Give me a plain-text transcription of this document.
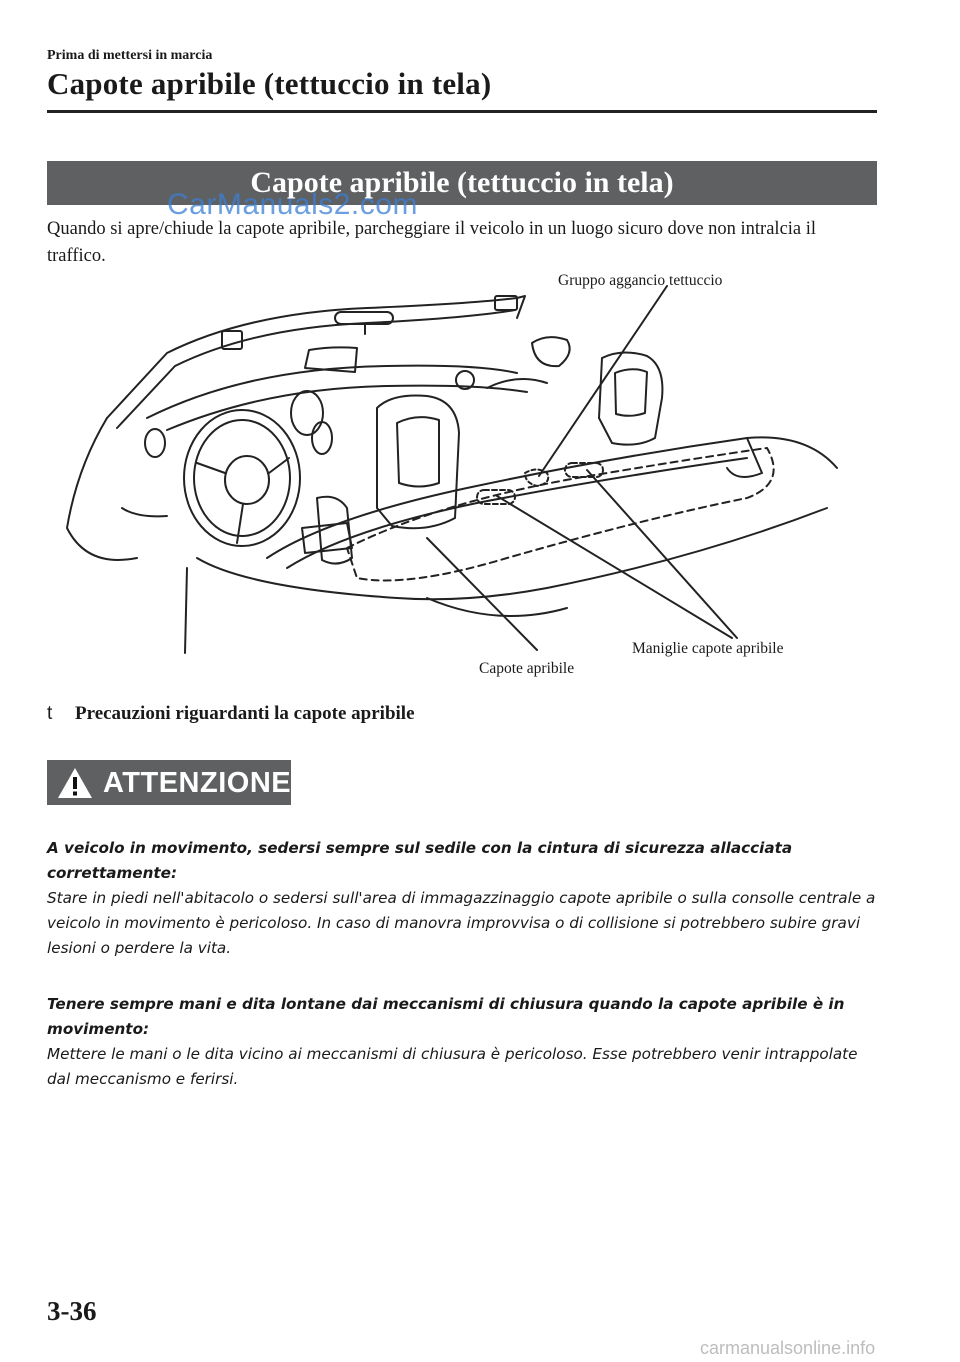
Prima di mettersi in marcia
Capote apribile (tettuccio in tela)
Capote apribile (tettuccio in tela)
CarManuals2.com
Quando si apre/chiude la capote apribile, parcheggiare il veicolo in un luogo sicuro dove non intralcia il traffico.
Gruppo aggancio tettuccio
Maniglie capote apribile
Capote apribile
t Precauzioni riguardanti la capote apribile
ATTENZIONE
A veicolo in movimento, sedersi sempre sul sedile con la cintura di sicurezza allacciata correttamente:
Stare in piedi nell'abitacolo o sedersi sull'area di immagazzinaggio capote apribile o sulla consolle centrale a veicolo in movimento è pericoloso. In caso di manovra improvvisa o di collisione si potrebbero subire gravi lesioni o perdere la vita.
Tenere sempre mani e dita lontane dai meccanismi di chiusura quando la capote apribile è in movimento:
Mettere le mani o le dita vicino ai meccanismi di chiusura è pericoloso. Esse potrebbero venir intrappolate dal meccanismo e ferirsi.
3-36
carmanualsonline.info
